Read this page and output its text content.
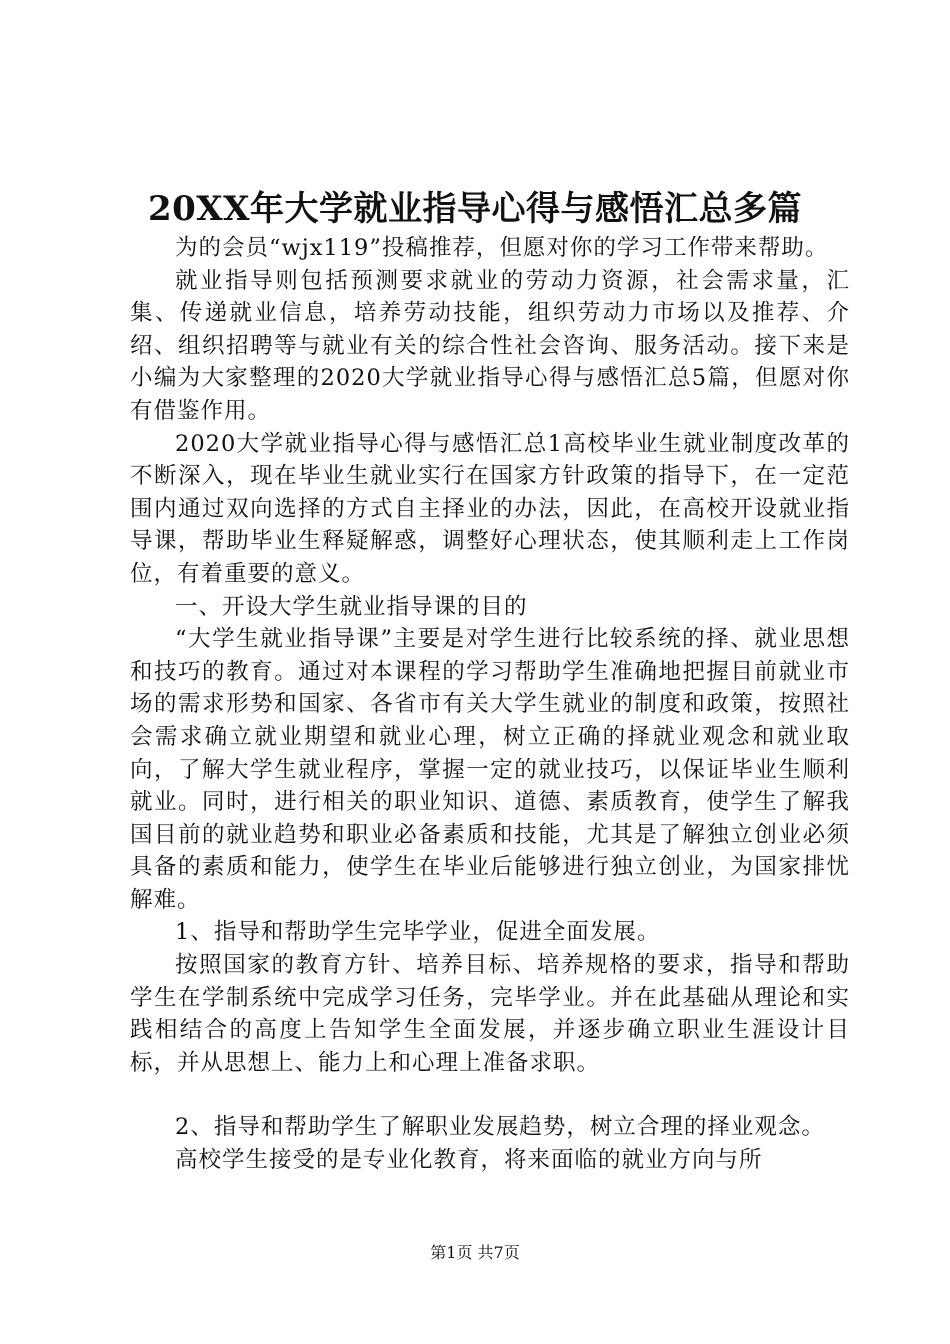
20XX年大学就业指导心得与感悟汇总多篇

为的会员“wjx119”投稿推荐，但愿对你的学习工作带来帮助。

就业指导则包括预测要求就业的劳动力资源，社会需求量，汇集、传递就业信息，培养劳动技能，组织劳动力市场以及推荐、介绍、组织招聘等与就业有关的综合性社会咨询、服务活动。接下来是小编为大家整理的2020大学就业指导心得与感悟汇总5篇，但愿对你有借鉴作用。

2020大学就业指导心得与感悟汇总1高校毕业生就业制度改革的不断深入，现在毕业生就业实行在国家方针政策的指导下，在一定范围内通过双向选择的方式自主择业的办法，因此，在高校开设就业指导课，帮助毕业生释疑解惑，调整好心理状态，使其顺利走上工作岗位，有着重要的意义。

一、开设大学生就业指导课的目的

“大学生就业指导课”主要是对学生进行比较系统的择、就业思想和技巧的教育。通过对本课程的学习帮助学生准确地把握目前就业市场的需求形势和国家、各省市有关大学生就业的制度和政策，按照社会需求确立就业期望和就业心理，树立正确的择就业观念和就业取向，了解大学生就业程序，掌握一定的就业技巧，以保证毕业生顺利就业。同时，进行相关的职业知识、道德、素质教育，使学生了解我国目前的就业趋势和职业必备素质和技能，尤其是了解独立创业必须具备的素质和能力，使学生在毕业后能够进行独立创业，为国家排忧解难。

1、指导和帮助学生完毕学业，促进全面发展。

按照国家的教育方针、培养目标、培养规格的要求，指导和帮助学生在学制系统中完成学习任务，完毕学业。并在此基础从理论和实践相结合的高度上告知学生全面发展，并逐步确立职业生涯设计目标，并从思想上、能力上和心理上准备求职。

2、指导和帮助学生了解职业发展趋势，树立合理的择业观念。

高校学生接受的是专业化教育，将来面临的就业方向与所

第1页 共7页
